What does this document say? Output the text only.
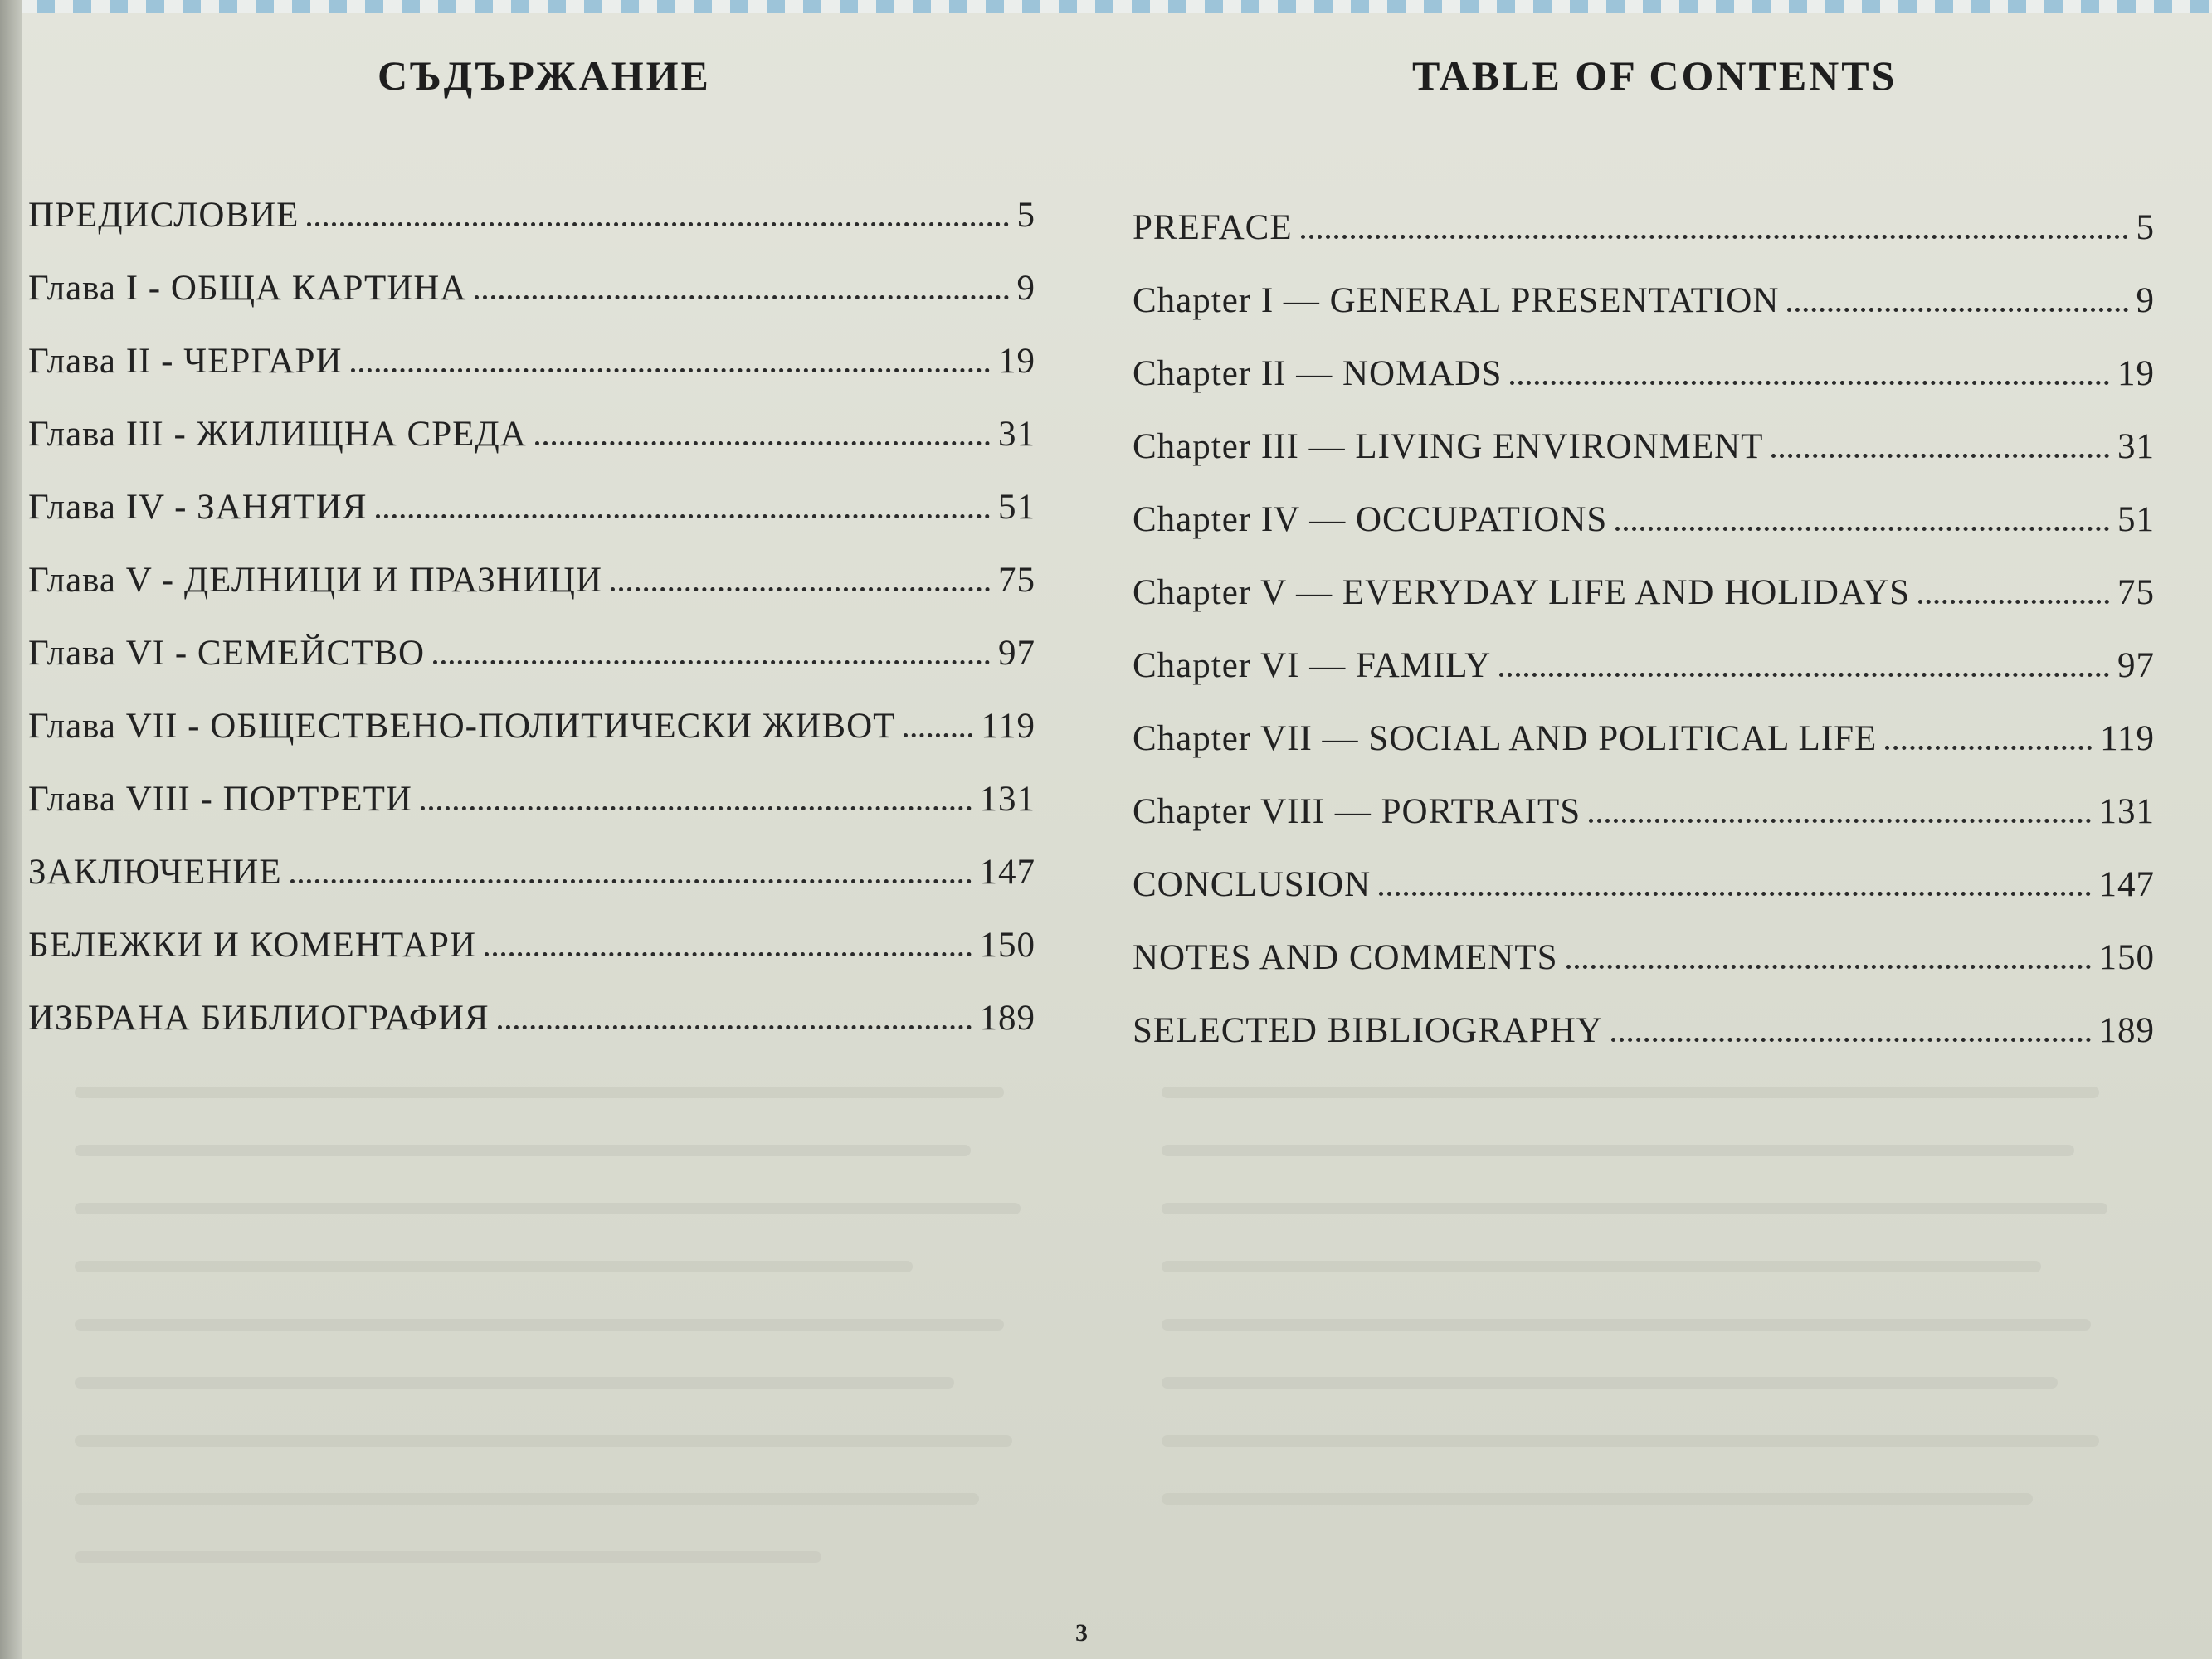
СЪДЪРЖАНИЕ	TABLE OF CONTENTS
ПРЕДИСЛОВИЕ	5
Глава I - ОБЩА КАРТИНА	9
Глава II - ЧЕРГАРИ	19
Глава III - ЖИЛИЩНА СРЕДА	31
Глава IV - ЗАНЯТИЯ	51
Глава V - ДЕЛНИЦИ И ПРАЗНИЦИ	75
Глава VI - СЕМЕЙСТВО	97
Глава VII - ОБЩЕСТВЕНО-ПОЛИТИЧЕСКИ ЖИВОТ 119
Глава VIII - ПОРТРЕТИ	131
ЗАКЛЮЧЕНИЕ	147
БЕЛЕЖКИ И КОМЕНТАРИ	150
ИЗБРАНА БИБЛИОГРАФИЯ	189
PREFACE	5
Chapter I — GENERAL PRESENTATION	9
Chapter II — NOMADS	19
Chapter III — LIVING ENVIRONMENT	31
Chapter IV — OCCUPATIONS	51
Chapter V — EVERYDAY LIFE AND HOLIDAYS	75
Chapter VI — FAMILY	97
Chapter VII — SOCIAL AND POLITICAL LIFE	119
Chapter VIII — PORTRAITS	131
CONCLUSION	147
NOTES AND COMMENTS	150
SELECTED BIBLIOGRAPHY	189
3
